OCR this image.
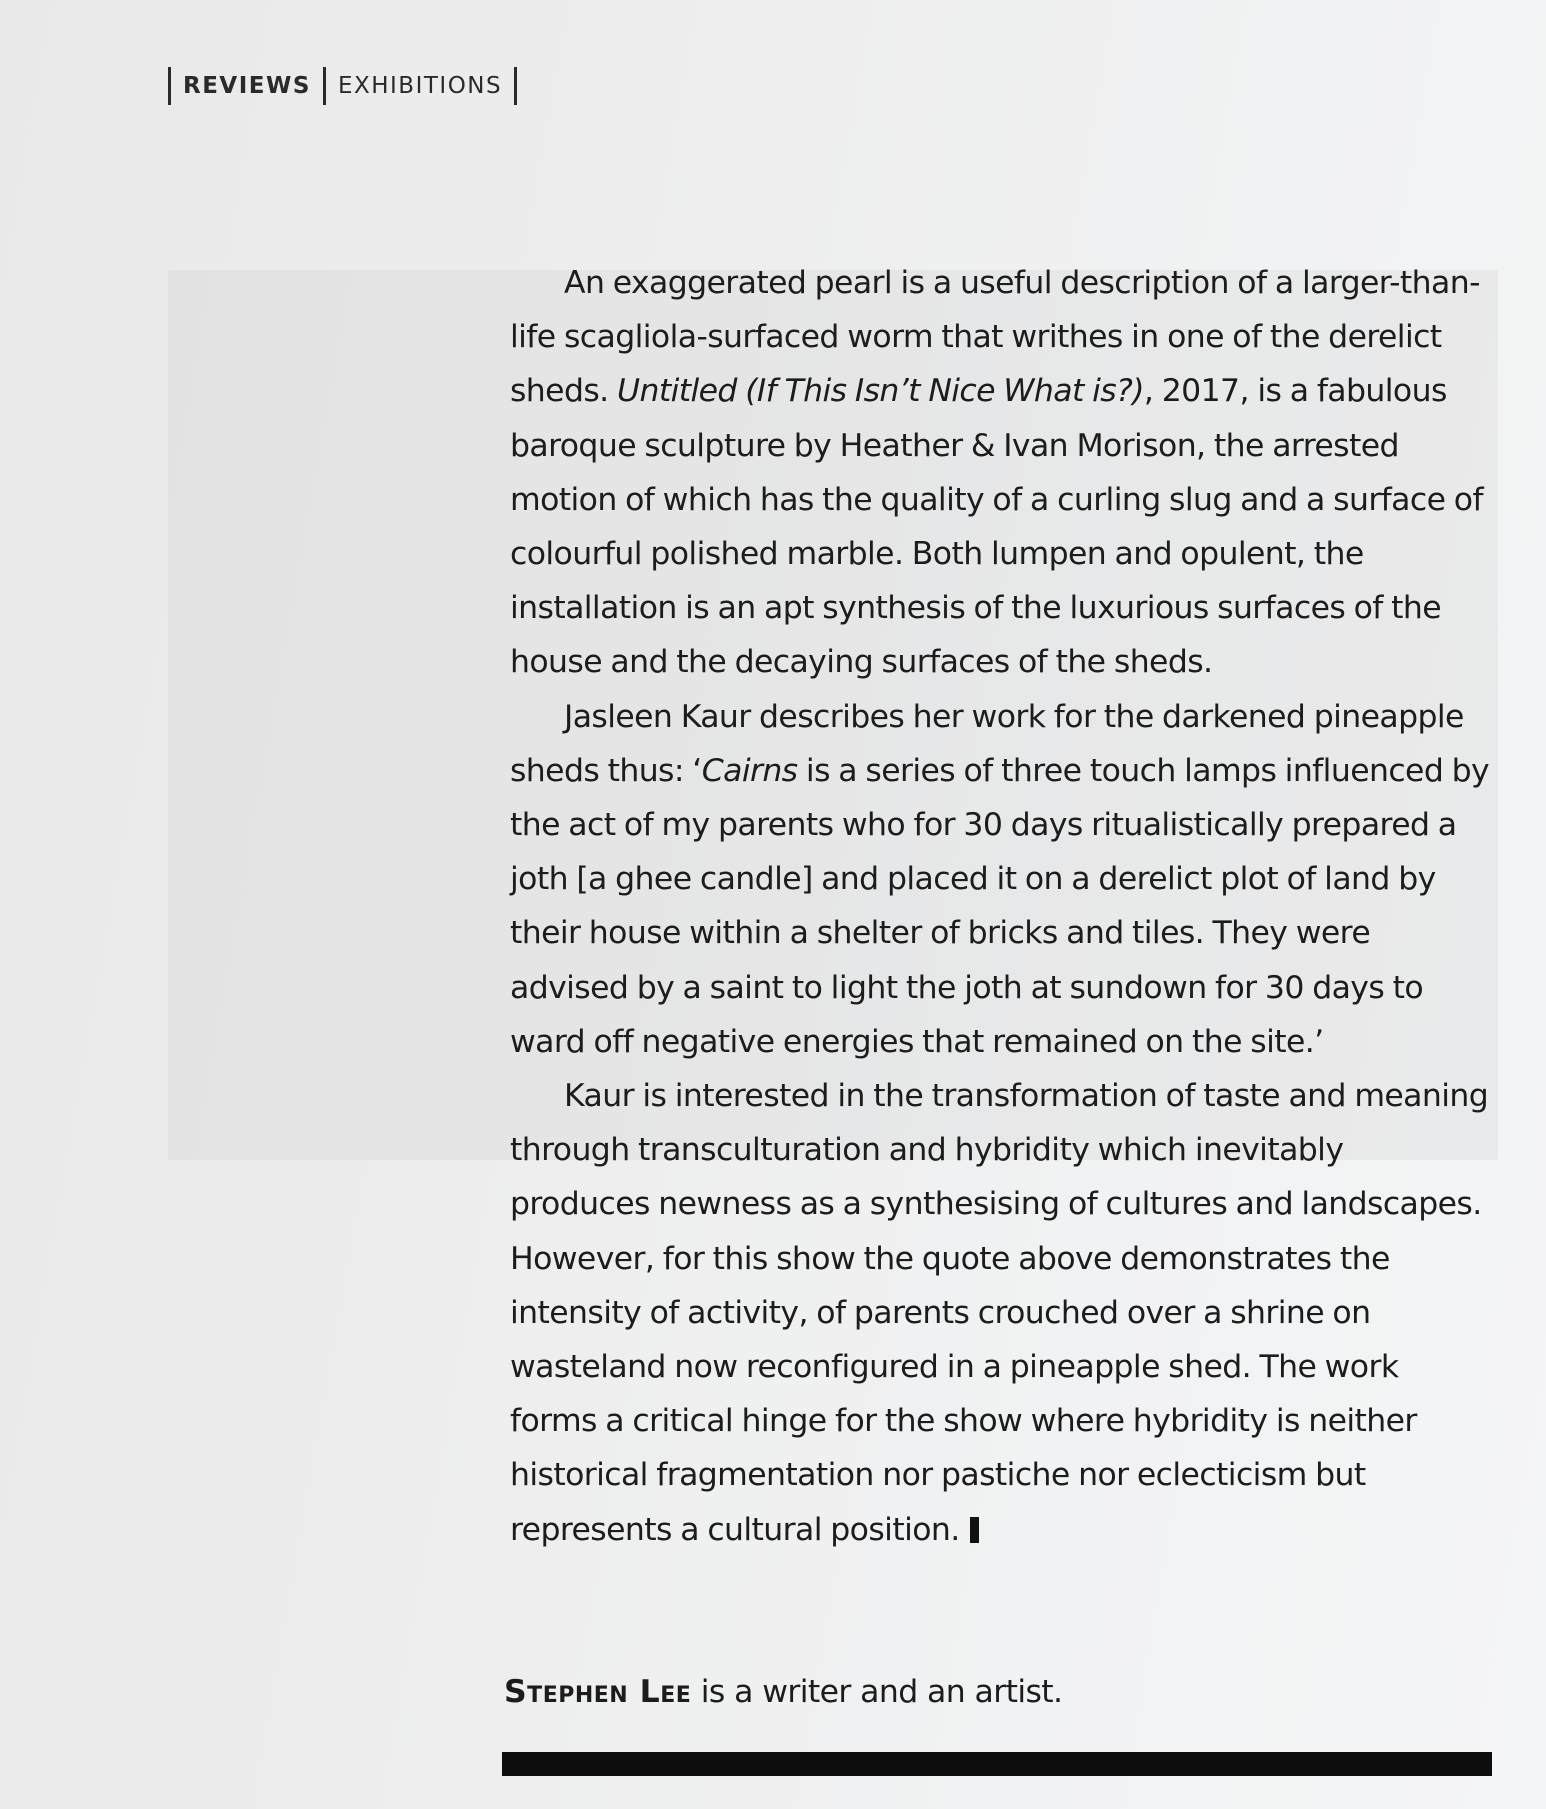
REVIEWS	EXHIBITIONS

An exaggerated pearl is a useful description of a larger-than-life scagliola-surfaced worm that writhes in one of the derelict sheds. Untitled (If This Isn’t Nice What is?), 2017, is a fabulous baroque sculpture by Heather & Ivan Morison, the arrested motion of which has the quality of a curling slug and a surface of colourful polished marble. Both lumpen and opulent, the installation is an apt synthesis of the luxurious surfaces of the house and the decaying surfaces of the sheds.

Jasleen Kaur describes her work for the darkened pineapple sheds thus: ‘Cairns is a series of three touch lamps influenced by the act of my parents who for 30 days ritualistically prepared a joth [a ghee candle] and placed it on a derelict plot of land by their house within a shelter of bricks and tiles. They were advised by a saint to light the joth at sundown for 30 days to ward off negative energies that remained on the site.’

Kaur is interested in the transformation of taste and meaning through transculturation and hybridity which inevitably produces newness as a synthesising of cultures and landscapes. However, for this show the quote above demonstrates the intensity of activity, of parents crouched over a shrine on wasteland now reconfigured in a pineapple shed. The work forms a critical hinge for the show where hybridity is neither historical fragmentation nor pastiche nor eclecticism but represents a cultural position.

Stephen Lee is a writer and an artist.
